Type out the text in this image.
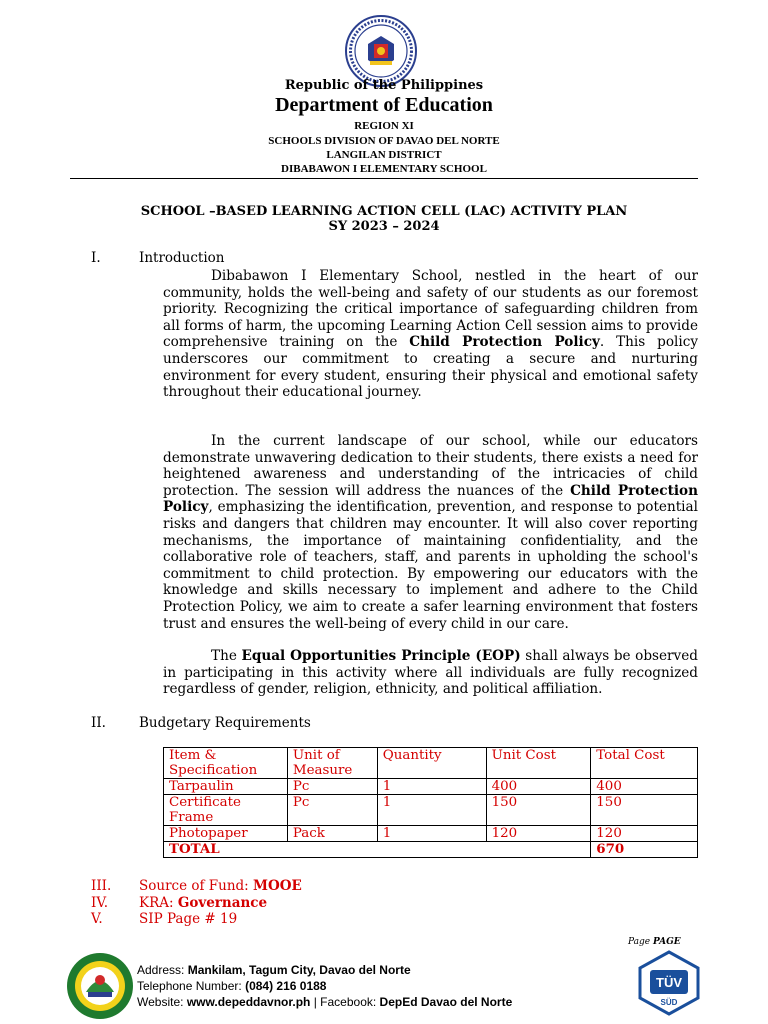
Republic of the Philippines
Department of Education
REGION XI
SCHOOLS DIVISION OF DAVAO DEL NORTE
LANGILAN DISTRICT
DIBABAWON I ELEMENTARY SCHOOL
SCHOOL –BASED LEARNING ACTION CELL (LAC) ACTIVITY PLAN
SY 2023 – 2024
I.	Introduction
Dibabawon I Elementary School, nestled in the heart of our community, holds the well-being and safety of our students as our foremost priority. Recognizing the critical importance of safeguarding children from all forms of harm, the upcoming Learning Action Cell session aims to provide comprehensive training on the Child Protection Policy. This policy underscores our commitment to creating a secure and nurturing environment for every student, ensuring their physical and emotional safety throughout their educational journey.
In the current landscape of our school, while our educators demonstrate unwavering dedication to their students, there exists a need for heightened awareness and understanding of the intricacies of child protection. The session will address the nuances of the Child Protection Policy, emphasizing the identification, prevention, and response to potential risks and dangers that children may encounter. It will also cover reporting mechanisms, the importance of maintaining confidentiality, and the collaborative role of teachers, staff, and parents in upholding the school's commitment to child protection. By empowering our educators with the knowledge and skills necessary to implement and adhere to the Child Protection Policy, we aim to create a safer learning environment that fosters trust and ensures the well-being of every child in our care.
The Equal Opportunities Principle (EOP) shall always be observed in participating in this activity where all individuals are fully recognized regardless of gender, religion, ethnicity, and political affiliation.
II. Budgetary Requirements
Item & Specification	Unit of Measure	Quantity	Unit Cost	Total Cost
Tarpaulin	Pc	1	400	400
Certificate Frame	Pc	1	150	150
Photopaper	Pack	1	120	120
TOTAL				670
III. Source of Fund: MOOE
IV. KRA: Governance
V.	SIP Page # 19
Page PAGE
Address: Mankilam, Tagum City, Davao del Norte
Telephone Number: (084) 216 0188
Website: www.depeddavnor.ph | Facebook: DepEd Davao del Norte
TÜV
SÜD
